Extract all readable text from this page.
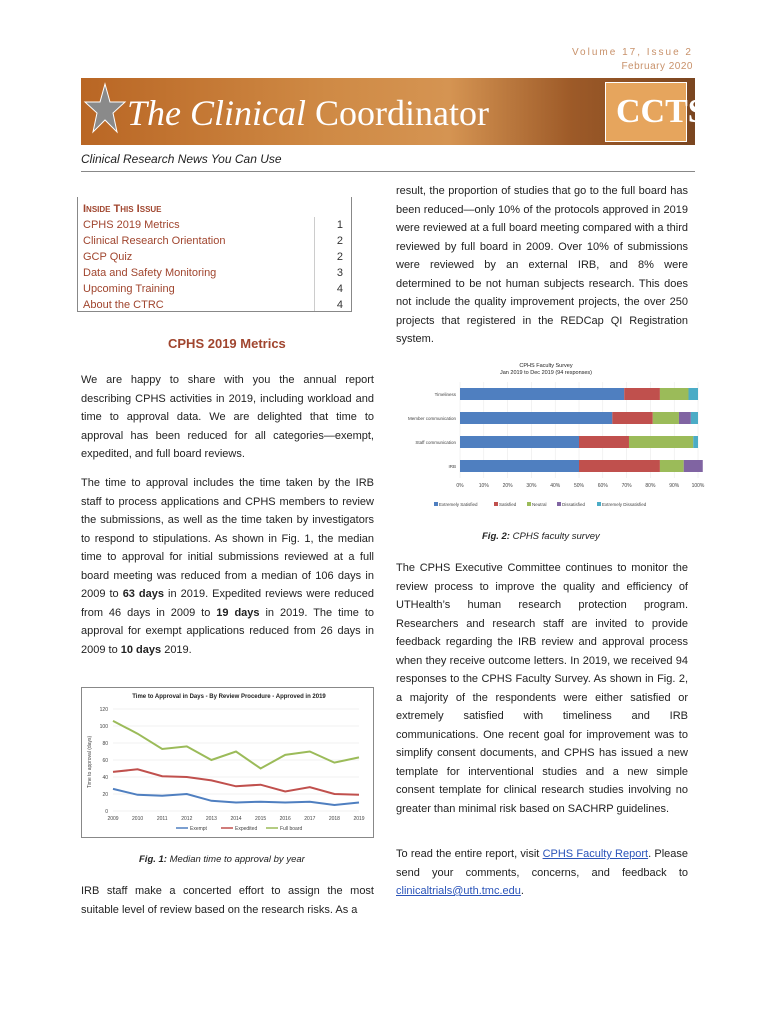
Volume 17, Issue 2
February 2020
The Clinical Coordinator	CCTS
Clinical Research News You Can Use
Inside This Issue
CPHS 2019 Metrics	1
Clinical Research Orientation	2
GCP Quiz	2
Data and Safety Monitoring	3
Upcoming Training	4
About the CTRC	4
CPHS 2019 Metrics
We are happy to share with you the annual report describing CPHS activities in 2019, including workload and time to approval data. We are delighted that time to approval has been reduced for all categories—exempt, expedited, and full board reviews.
The time to approval includes the time taken by the IRB staff to process applications and CPHS members to review the submissions, as well as the time taken by investigators to respond to stipulations. As shown in Fig. 1, the median time to approval for initial submissions reviewed at a full board meeting was reduced from a median of 106 days in 2009 to 63 days in 2019. Expedited reviews were reduced from 46 days in 2009 to 19 days in 2019. The time to approval for exempt applications reduced from 26 days in 2009 to 10 days 2019.
Time to Approval in Days - By Review Procedure - Approved in 2019
Time to approval (days)
0
20
40
60
80
100
120
2009	2010	2011	2012	2013	2014	2015	2016	2017	2018	2019
Exempt	Expedited	Full board
Fig. 1: Median time to approval by year
IRB staff make a concerted effort to assign the most suitable level of review based on the research risks. As a
result, the proportion of studies that go to the full board has been reduced—only 10% of the protocols approved in 2019 were reviewed at a full board meeting compared with a third reviewed by full board in 2009. Over 10% of submissions were reviewed by an external IRB, and 8% were determined to be not human subjects research. This does not include the quality improvement projects, the over 250 projects that registered in the REDCap QI Registration system.
CPHS Faculty Survey
Jan 2019 to Dec 2019 (94 responses)
Timeliness
Member communication
Staff communication
IRB
0%	10%	20%	30%	40%	50%	60%	70%	80%	90% 100%
Extremely Satisfied	Satisfied	Neutral	Dissatisfied	Extremely Dissatisfied
Fig. 2: CPHS faculty survey
The CPHS Executive Committee continues to monitor the review process to improve the quality and efficiency of UTHealth’s human research protection program. Researchers and research staff are invited to provide feedback regarding the IRB review and approval process when they receive outcome letters. In 2019, we received 94 responses to the CPHS Faculty Survey. As shown in Fig. 2, a majority of the respondents were either satisfied or extremely satisfied with timeliness and IRB communications. One recent goal for improvement was to simplify consent documents, and CPHS has issued a new template for interventional studies and a new simple consent template for clinical research studies involving no greater than minimal risk based on SACHRP guidelines.
To read the entire report, visit CPHS Faculty Report. Please send your comments, concerns, and feedback to clinicaltrials@uth.tmc.edu.
